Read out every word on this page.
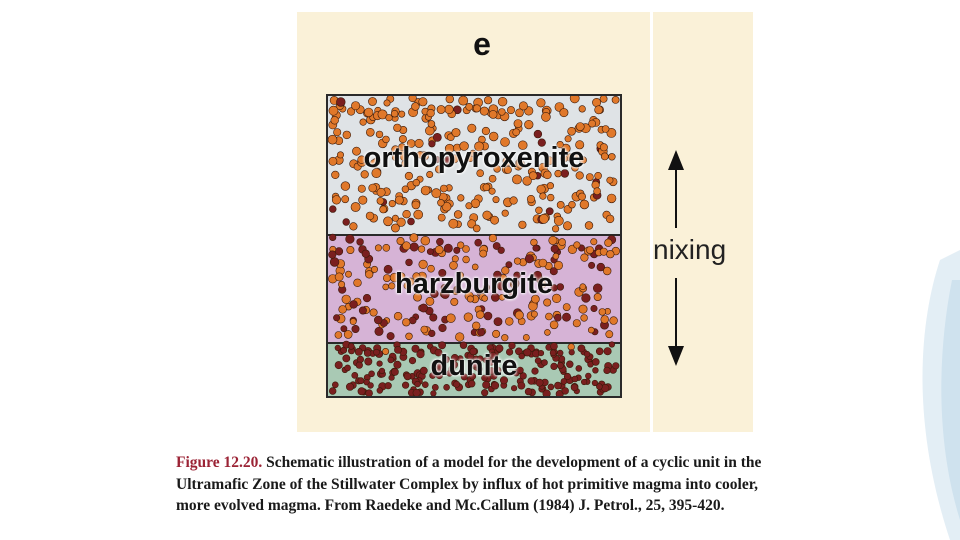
e
orthopyroxenite
harzburgite
dunite
nixing
Figure 12.20. Schematic illustration of a model for the development of a cyclic unit in the Ultramafic Zone of the Stillwater Complex by influx of hot primitive magma into cooler, more evolved magma. From Raedeke and Mc.Callum (1984) J. Petrol., 25, 395-420.
